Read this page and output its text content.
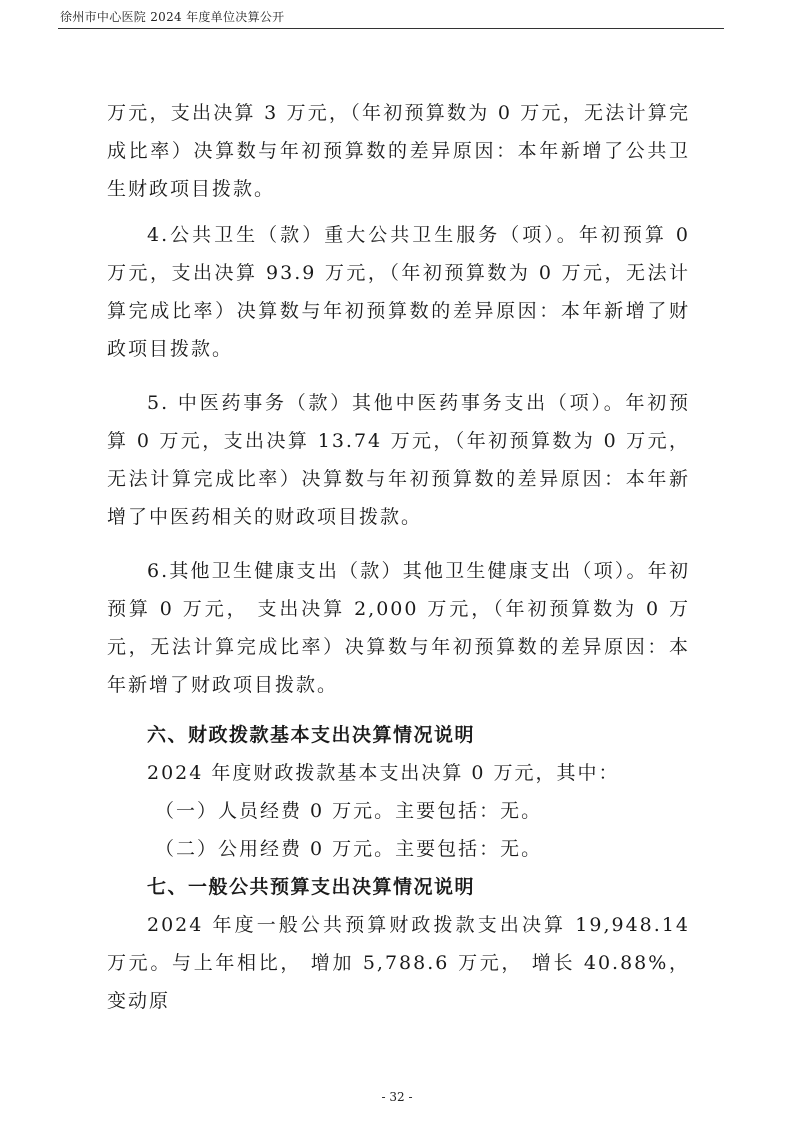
徐州市中心医院 2024 年度单位决算公开

万元，支出决算 3 万元，（年初预算数为 0 万元，无法计算完成比率）决算数与年初预算数的差异原因：本年新增了公共卫生财政项目拨款。

4.公共卫生（款）重大公共卫生服务（项）。年初预算 0 万元，支出决算 93.9 万元，（年初预算数为 0 万元，无法计算完成比率）决算数与年初预算数的差异原因：本年新增了财政项目拨款。

5. 中医药事务（款）其他中医药事务支出（项）。年初预算 0 万元，支出决算 13.74 万元，（年初预算数为 0 万元，无法计算完成比率）决算数与年初预算数的差异原因：本年新增了中医药相关的财政项目拨款。

6.其他卫生健康支出（款）其他卫生健康支出（项）。年初预算 0 万元， 支出决算 2,000 万元，（年初预算数为 0 万元，无法计算完成比率）决算数与年初预算数的差异原因：本年新增了财政项目拨款。

六、财政拨款基本支出决算情况说明

2024 年度财政拨款基本支出决算 0 万元，其中：

（一）人员经费 0 万元。主要包括：无。

（二）公用经费 0 万元。主要包括：无。

七、一般公共预算支出决算情况说明

2024 年度一般公共预算财政拨款支出决算 19,948.14 万元。与上年相比， 增加 5,788.6 万元， 增长 40.88%， 变动原

- 32 -
